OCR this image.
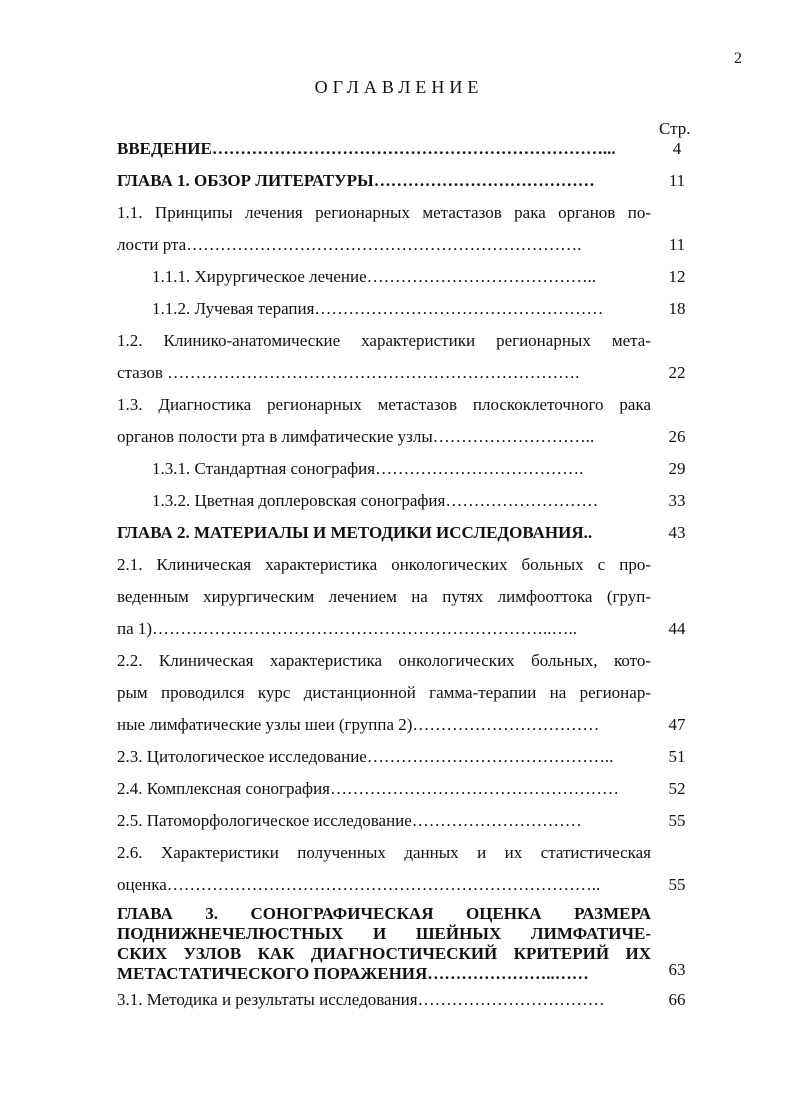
2
ОГЛАВЛЕНИЕ
Стр.
ВВЕДЕНИЕ……………………………………………………………...	4
ГЛАВА 1. ОБЗОР ЛИТЕРАТУРЫ…………………………………	11
1.1. Принципы лечения регионарных метастазов рака органов по-
лости рта…………………………………………………………….	11
1.1.1. Хирургическое лечение…………………………………..	12
1.1.2. Лучевая терапия……………………………………………	18
1.2. Клинико-анатомические характеристики регионарных мета-
стазов ……………………………………………………………….	22
1.3. Диагностика регионарных метастазов плоскоклеточного рака
органов полости рта в лимфатические узлы………………………..	26
1.3.1. Стандартная сонография……………………………….	29
1.3.2. Цветная доплеровская сонография………………………	33
ГЛАВА 2. МАТЕРИАЛЫ И МЕТОДИКИ ИССЛЕДОВАНИЯ..	43
2.1. Клиническая характеристика онкологических больных с про-
веденным хирургическим лечением на путях лимфооттока (груп-
па 1)……………………………………………………………..…..	44
2.2. Клиническая характеристика онкологических больных, кото-
рым проводился курс дистанционной гамма-терапии на регионар-
ные лимфатические узлы шеи (группа 2)……………………………	47
2.3. Цитологическое исследование……………………………………..	51
2.4. Комплексная сонография……………………………………………	52
2.5. Патоморфологическое исследование…………………………	55
2.6. Характеристики полученных данных и их статистическая
оценка…………………………………………………………………..	55
ГЛАВА 3. СОНОГРАФИЧЕСКАЯ ОЦЕНКА РАЗМЕРА
ПОДНИЖНЕЧЕЛЮСТНЫХ И ШЕЙНЫХ ЛИМФАТИЧЕ-
СКИХ УЗЛОВ КАК ДИАГНОСТИЧЕСКИЙ КРИТЕРИЙ ИХ
МЕТАСТАТИЧЕСКОГО ПОРАЖЕНИЯ…………………..……	63
3.1. Методика и результаты исследования……………………………	66
